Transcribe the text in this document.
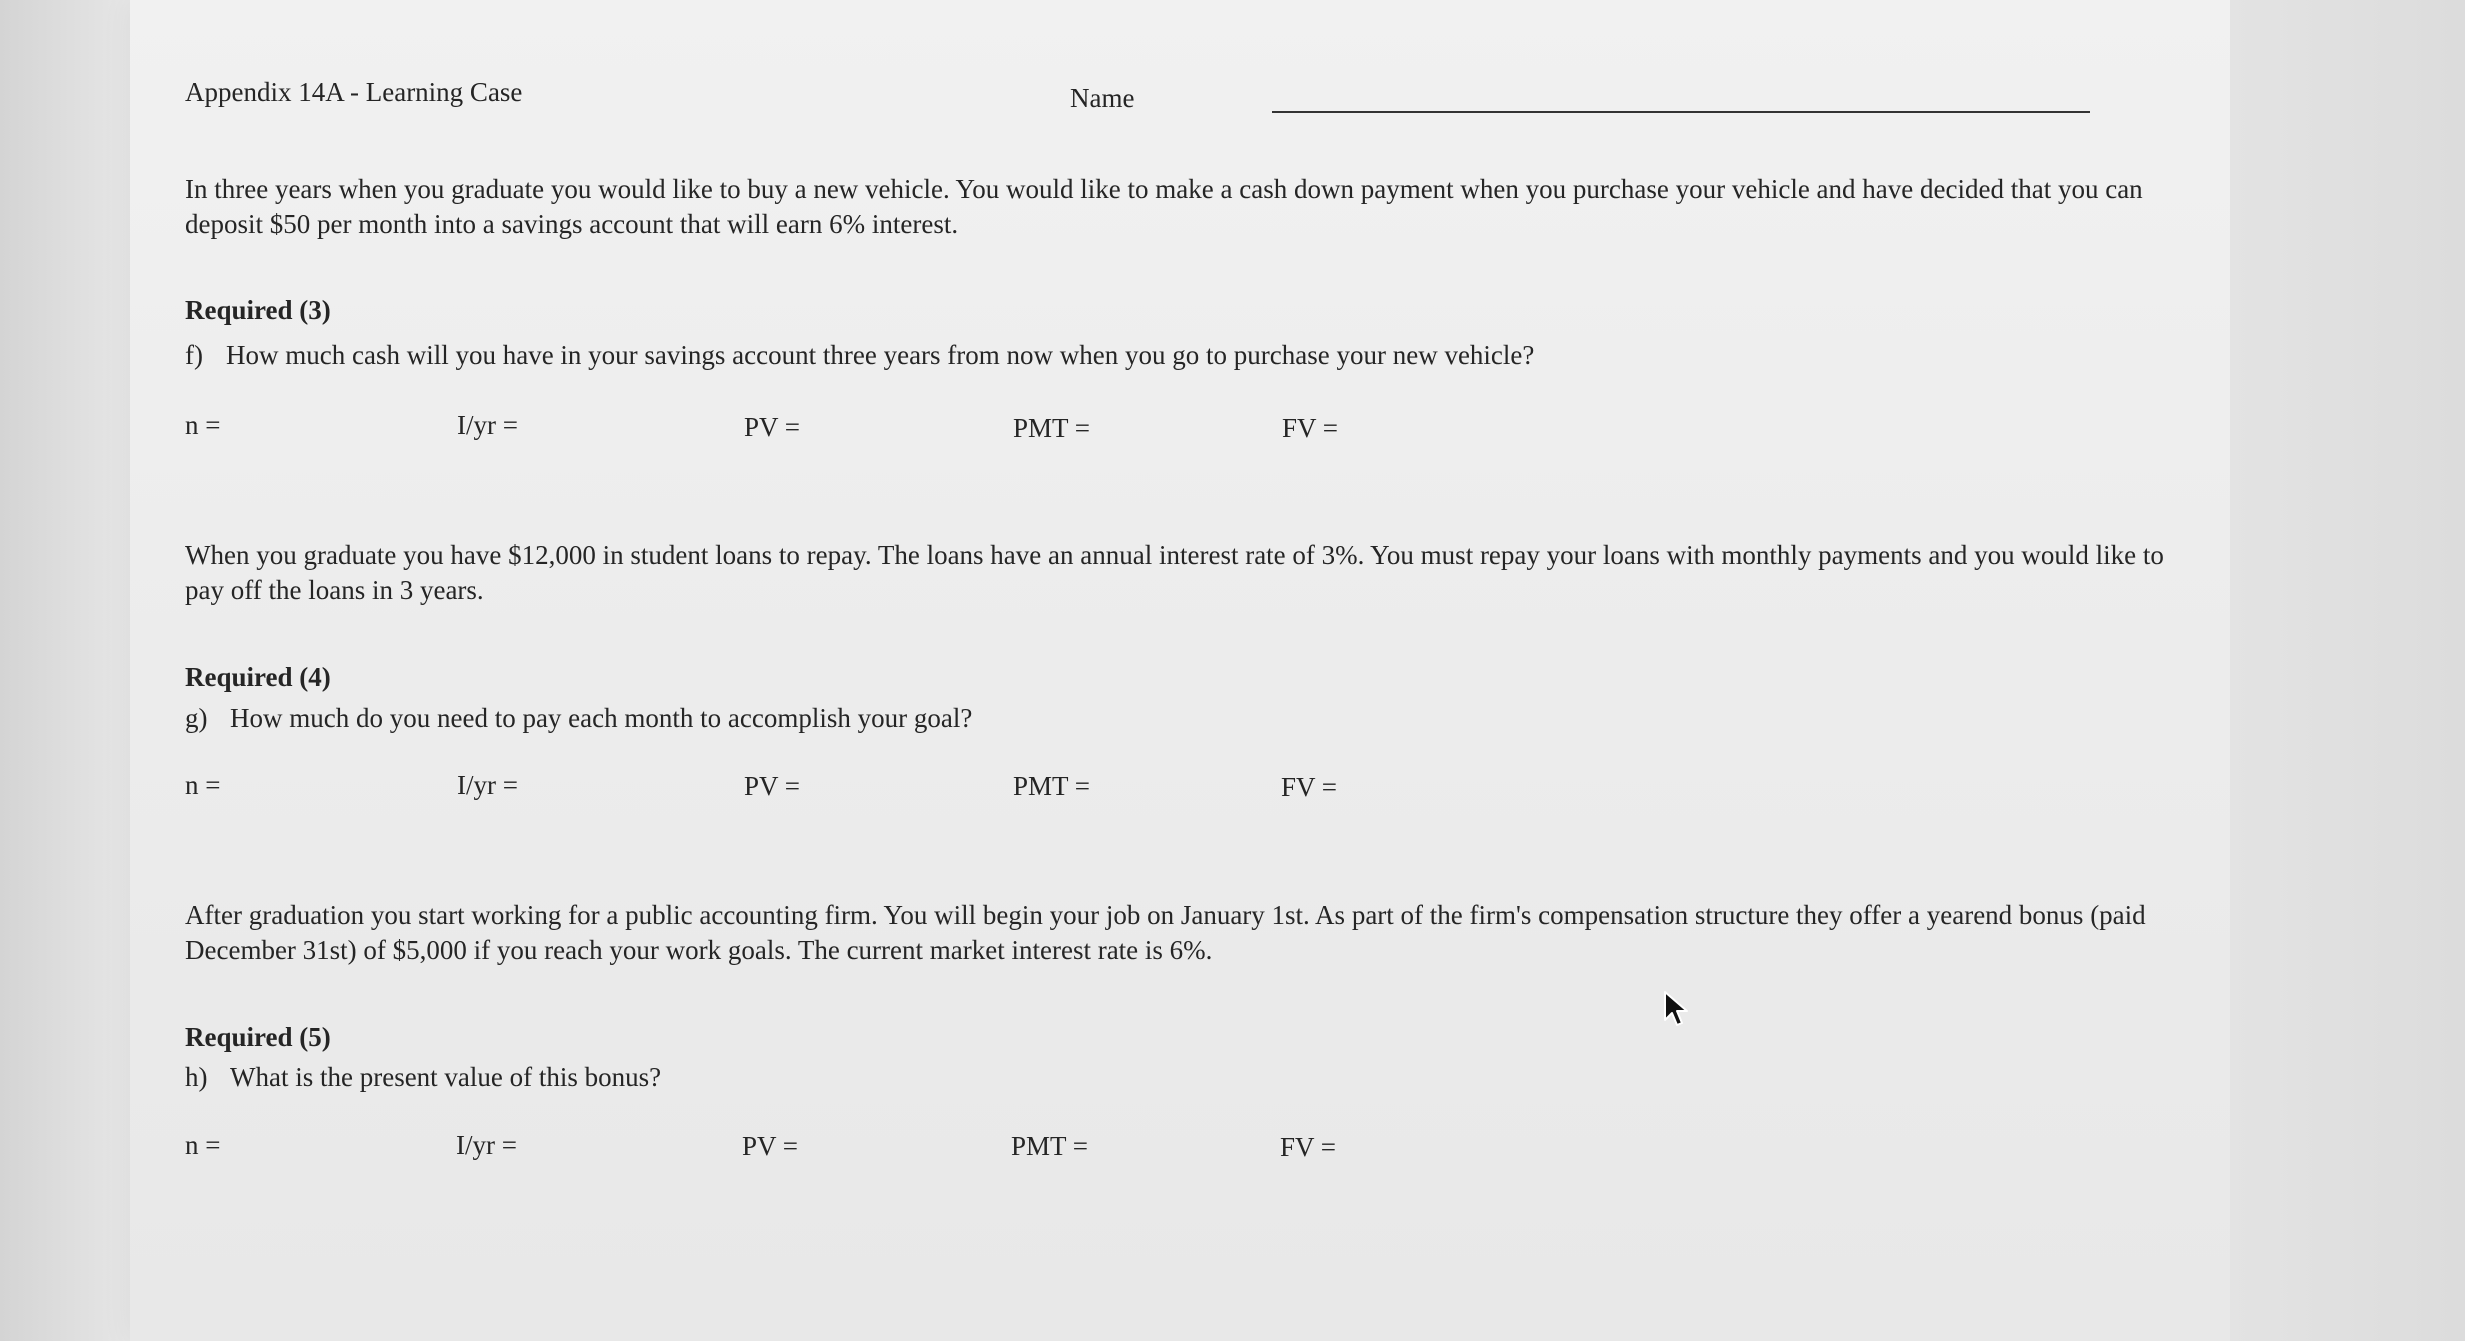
Appendix 14A - Learning Case	Name
In three years when you graduate you would like to buy a new vehicle. You would like to make a cash down payment when you purchase your vehicle and have decided that you can deposit $50 per month into a savings account that will earn 6% interest.
Required (3)
f) How much cash will you have in your savings account three years from now when you go to purchase your new vehicle?
n =	I/yr =	PV =	PMT =	FV =
When you graduate you have $12,000 in student loans to repay. The loans have an annual interest rate of 3%. You must repay your loans with monthly payments and you would like to pay off the loans in 3 years.
Required (4)
g) How much do you need to pay each month to accomplish your goal?
n =	I/yr =	PV =	PMT =	FV =
After graduation you start working for a public accounting firm. You will begin your job on January 1st. As part of the firm's compensation structure they offer a yearend bonus (paid December 31st) of $5,000 if you reach your work goals. The current market interest rate is 6%.
Required (5)
h) What is the present value of this bonus?
n =	I/yr =	PV =	PMT =	FV =
